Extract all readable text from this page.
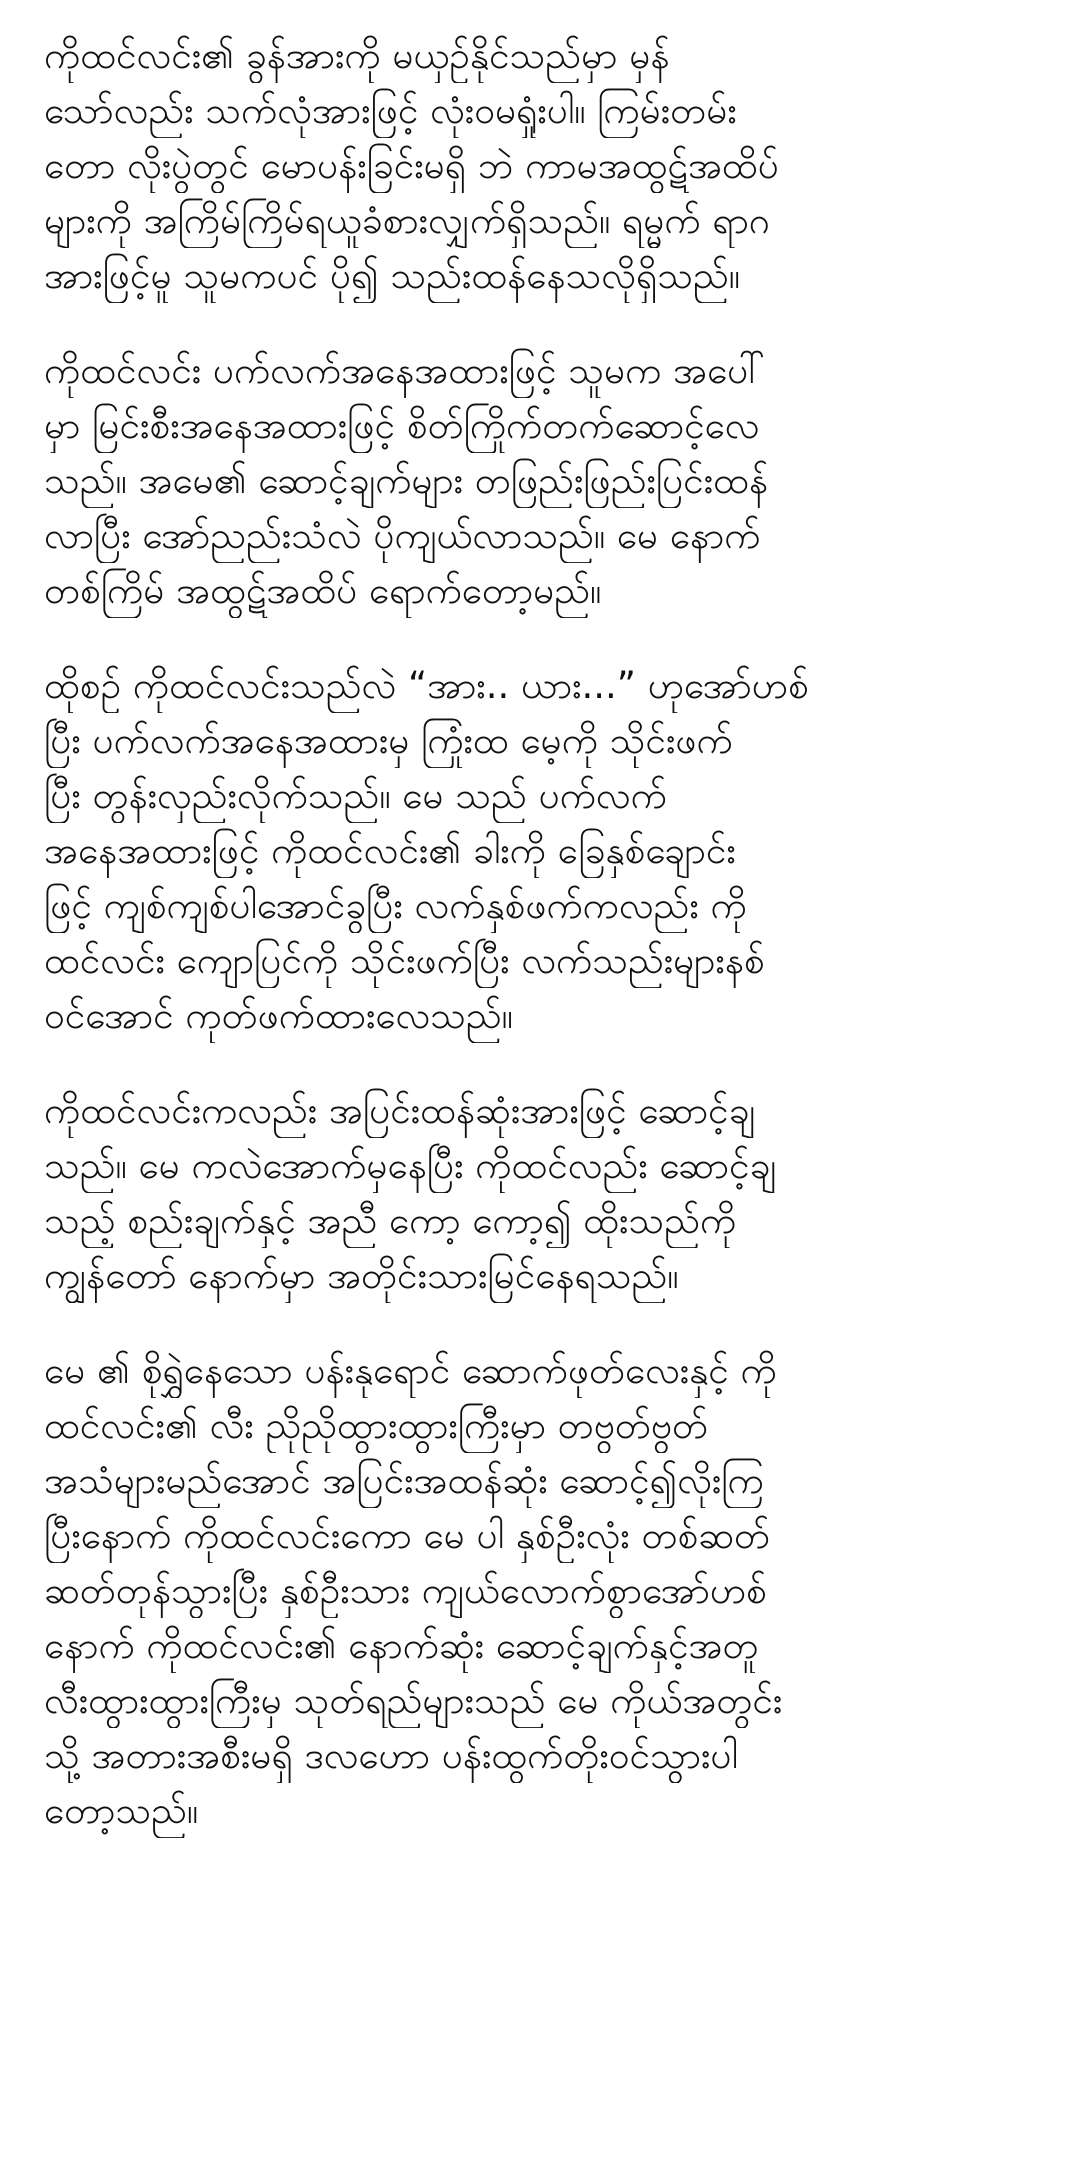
ကိုထင်လင်း၏ ခွန်အားကို မယှဉ်နိုင်သည်မှာ မှန်
သော်လည်း သက်လုံအားဖြင့် လုံးဝမရှုံးပါ။ ကြမ်းတမ်း
တော လိုးပွဲတွင် မောပန်းခြင်းမရှိ ဘဲ ကာမအထွဋ်အထိပ်
များကို အကြိမ်ကြိမ်ရယူခံစားလျှက်ရှိသည်။ ရမ္မက် ရာဂ
အားဖြင့်မူ သူမကပင် ပို၍ သည်းထန်နေသလိုရှိသည်။
ကိုထင်လင်း ပက်လက်အနေအထားဖြင့် သူမက အပေါ်
မှာ မြင်းစီးအနေအထားဖြင့် စိတ်ကြိုက်တက်ဆောင့်လေ
သည်။ အမေ၏ ဆောင့်ချက်များ တဖြည်းဖြည်းပြင်းထန်
လာပြီး အော်ညည်းသံလဲ ပိုကျယ်လာသည်။ မေ နောက်
တစ်ကြိမ် အထွဋ်အထိပ် ရောက်တော့မည်။
ထိုစဉ် ကိုထင်လင်းသည်လဲ “အား.. ယား...” ဟုအော်ဟစ်
ပြီး ပက်လက်အနေအထားမှ ကြုံးထ မေ့ကို သိုင်းဖက်
ပြီး တွန်းလှည်းလိုက်သည်။ မေ သည် ပက်လက်
အနေအထားဖြင့် ကိုထင်လင်း၏ ခါးကို ခြေနှစ်ချောင်း
ဖြင့် ကျစ်ကျစ်ပါအောင်ခွပြီး လက်နှစ်ဖက်ကလည်း ကို
ထင်လင်း ကျောပြင်ကို သိုင်းဖက်ပြီး လက်သည်းများနစ်
ဝင်အောင် ကုတ်ဖက်ထားလေသည်။
ကိုထင်လင်းကလည်း အပြင်းထန်ဆုံးအားဖြင့် ဆောင့်ချ
သည်။ မေ ကလဲအောက်မှနေပြီး ကိုထင်လည်း ဆောင့်ချ
သည့် စည်းချက်နှင့် အညီ ကော့ ကော့၍ ထိုးသည်ကို
ကျွန်တော် နောက်မှာ အတိုင်းသားမြင်နေရသည်။
မေ ၏ စိုရွှဲနေသော ပန်းနုရောင် ဆောက်ဖုတ်လေးနှင့် ကို
ထင်လင်း၏ လီး ညိုညိုထွားထွားကြီးမှာ တဗွတ်ဗွတ်
အသံများမည်အောင် အပြင်းအထန်ဆုံး ဆောင့်၍လိုးကြ
ပြီးနောက် ကိုထင်လင်းကော မေ ပါ နှစ်ဦးလုံး တစ်ဆတ်
ဆတ်တုန်သွားပြီး နှစ်ဦးသား ကျယ်လောက်စွာအော်ဟစ်
နောက် ကိုထင်လင်း၏ နောက်ဆုံး ဆောင့်ချက်နှင့်အတူ
လီးထွားထွားကြီးမှ သုတ်ရည်များသည် မေ ကိုယ်အတွင်း
သို့ အတားအစီးမရှိ ဒလဟော ပန်းထွက်တိုးဝင်သွားပါ
တော့သည်။
